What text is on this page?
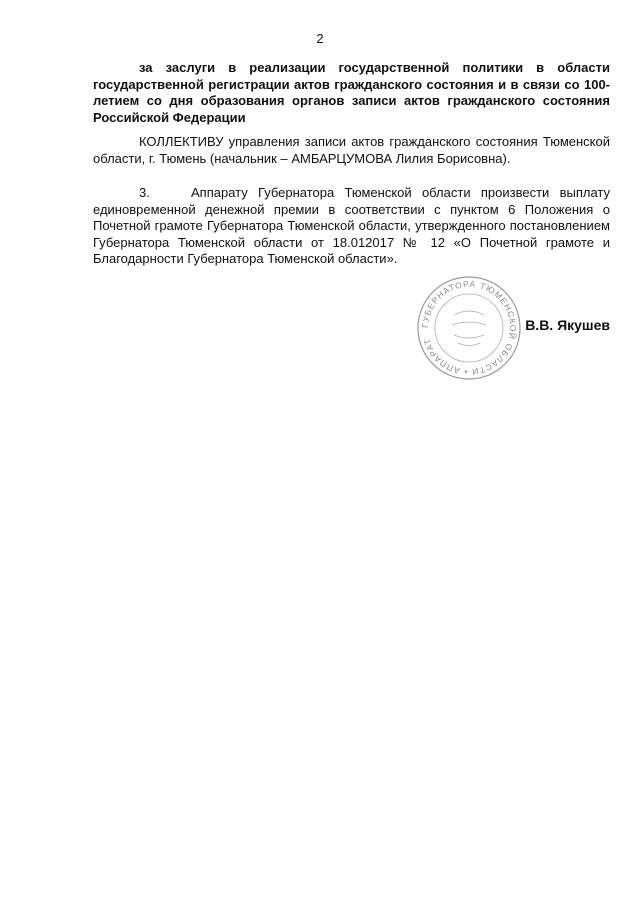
2

за заслуги в реализации государственной политики в области государственной регистрации актов гражданского состояния и в связи со 100-летием со дня образования органов записи актов гражданского состояния Российской Федерации

КОЛЛЕКТИВУ управления записи актов гражданского состояния Тюменской области, г. Тюмень (начальник – АМБАРЦУМОВА Лилия Борисовна).

3.	Аппарату Губернатора Тюменской области произвести выплату единовременной денежной премии в соответствии с пунктом 6 Положения о Почетной грамоте Губернатора Тюменской области, утвержденного постановлением Губернатора Тюменской области от 18.012017 № 12 «О Почетной грамоте и Благодарности Губернатора Тюменской области».

ГУБЕРНАТОРА ТЮМЕНСКОЙ ОБЛАСТИ • АППАРАТ
В.В. Якушев
